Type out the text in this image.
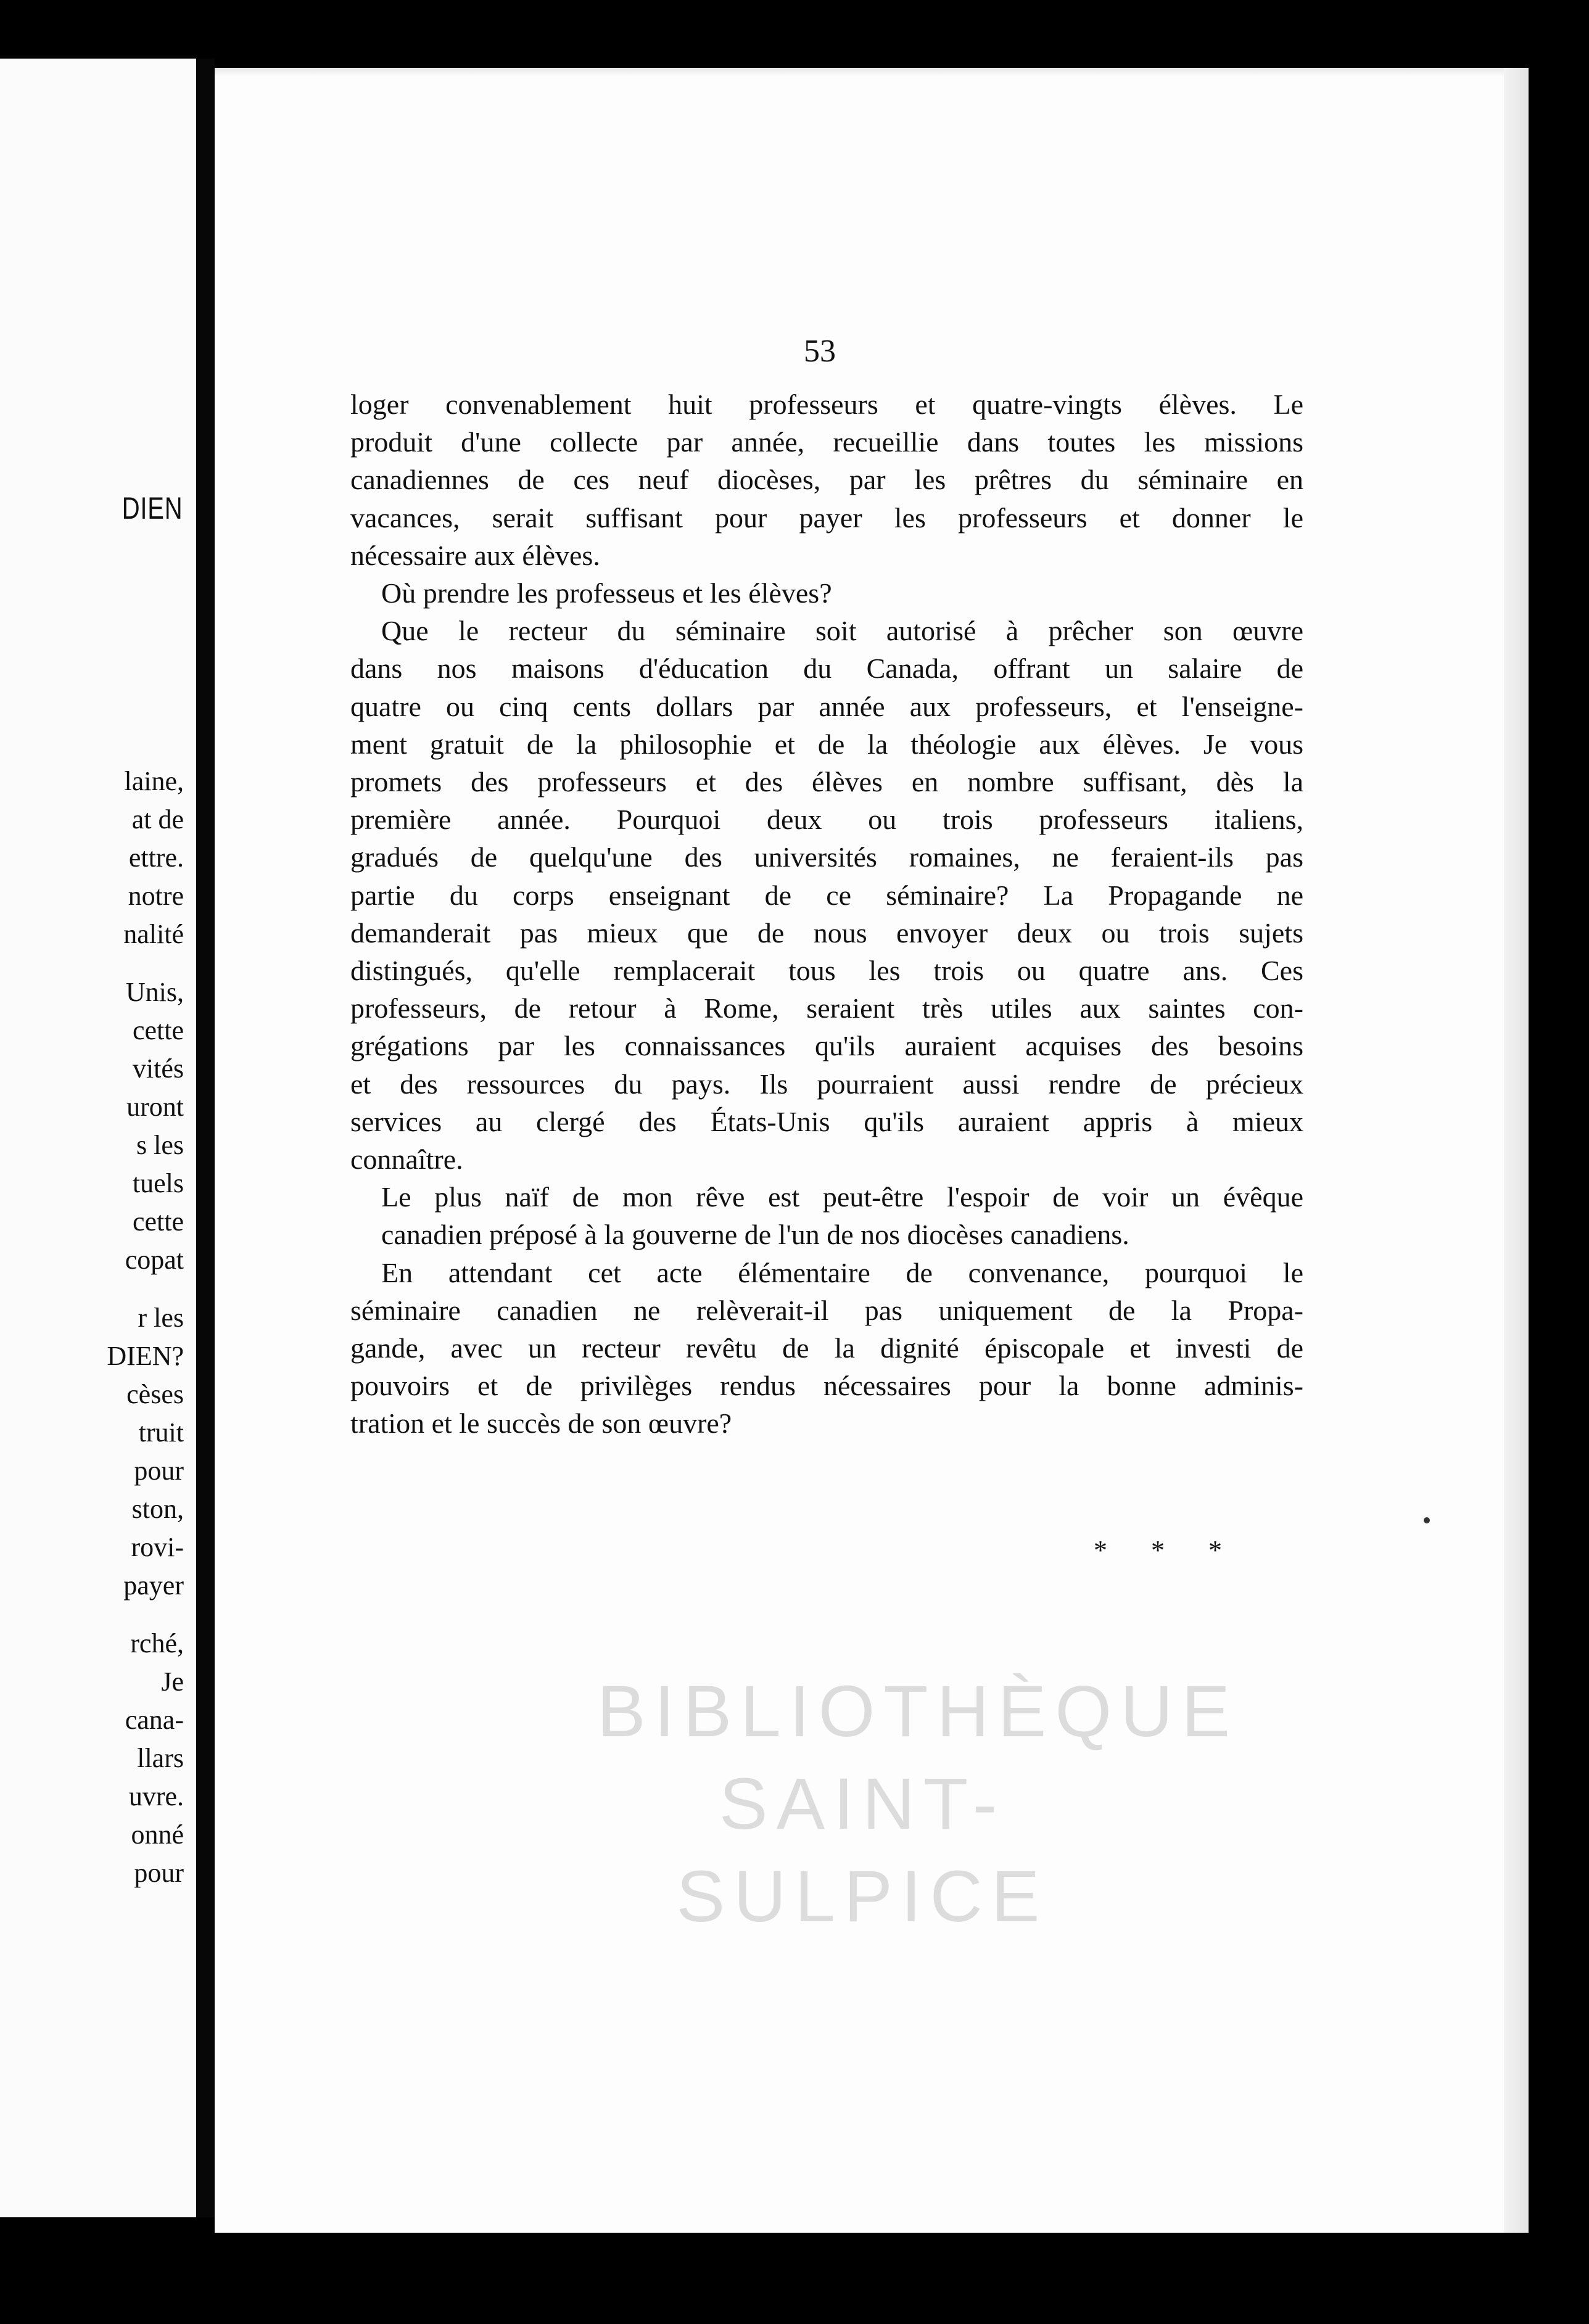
DIEN
laine,
at de
ettre.
notre
nalité
Unis,
cette
vités
uront
s les
tuels
cette
copat
r les
DIEN?
cèses
truit
pour
ston,
rovi-
payer
rché,
Je
cana-
llars
uvre.
onné
pour
53
loger convenablement huit professeurs et quatre-vingts élèves. Le
produit d'une collecte par année, recueillie dans toutes les missions
canadiennes de ces neuf diocèses, par les prêtres du séminaire en
vacances, serait suffisant pour payer les professeurs et donner le
nécessaire aux élèves.
Où prendre les professeus et les élèves?
Que le recteur du séminaire soit autorisé à prêcher son œuvre
dans nos maisons d'éducation du Canada, offrant un salaire de
quatre ou cinq cents dollars par année aux professeurs, et l'enseigne-
ment gratuit de la philosophie et de la théologie aux élèves. Je vous
promets des professeurs et des élèves en nombre suffisant, dès la
première année. Pourquoi deux ou trois professeurs italiens,
gradués de quelqu'une des universités romaines, ne feraient-ils pas
partie du corps enseignant de ce séminaire? La Propagande ne
demanderait pas mieux que de nous envoyer deux ou trois sujets
distingués, qu'elle remplacerait tous les trois ou quatre ans. Ces
professeurs, de retour à Rome, seraient très utiles aux saintes con-
grégations par les connaissances qu'ils auraient acquises des besoins
et des ressources du pays. Ils pourraient aussi rendre de précieux
services au clergé des États-Unis qu'ils auraient appris à mieux
connaître.
Le plus naïf de mon rêve est peut-être l'espoir de voir un évêque
canadien préposé à la gouverne de l'un de nos diocèses canadiens.
En attendant cet acte élémentaire de convenance, pourquoi le
séminaire canadien ne relèverait-il pas uniquement de la Propa-
gande, avec un recteur revêtu de la dignité épiscopale et investi de
pouvoirs et de privilèges rendus nécessaires pour la bonne adminis-
tration et le succès de son œuvre?
* * *
BIBLIOTHÈQUE
SAINT-SULPICE
